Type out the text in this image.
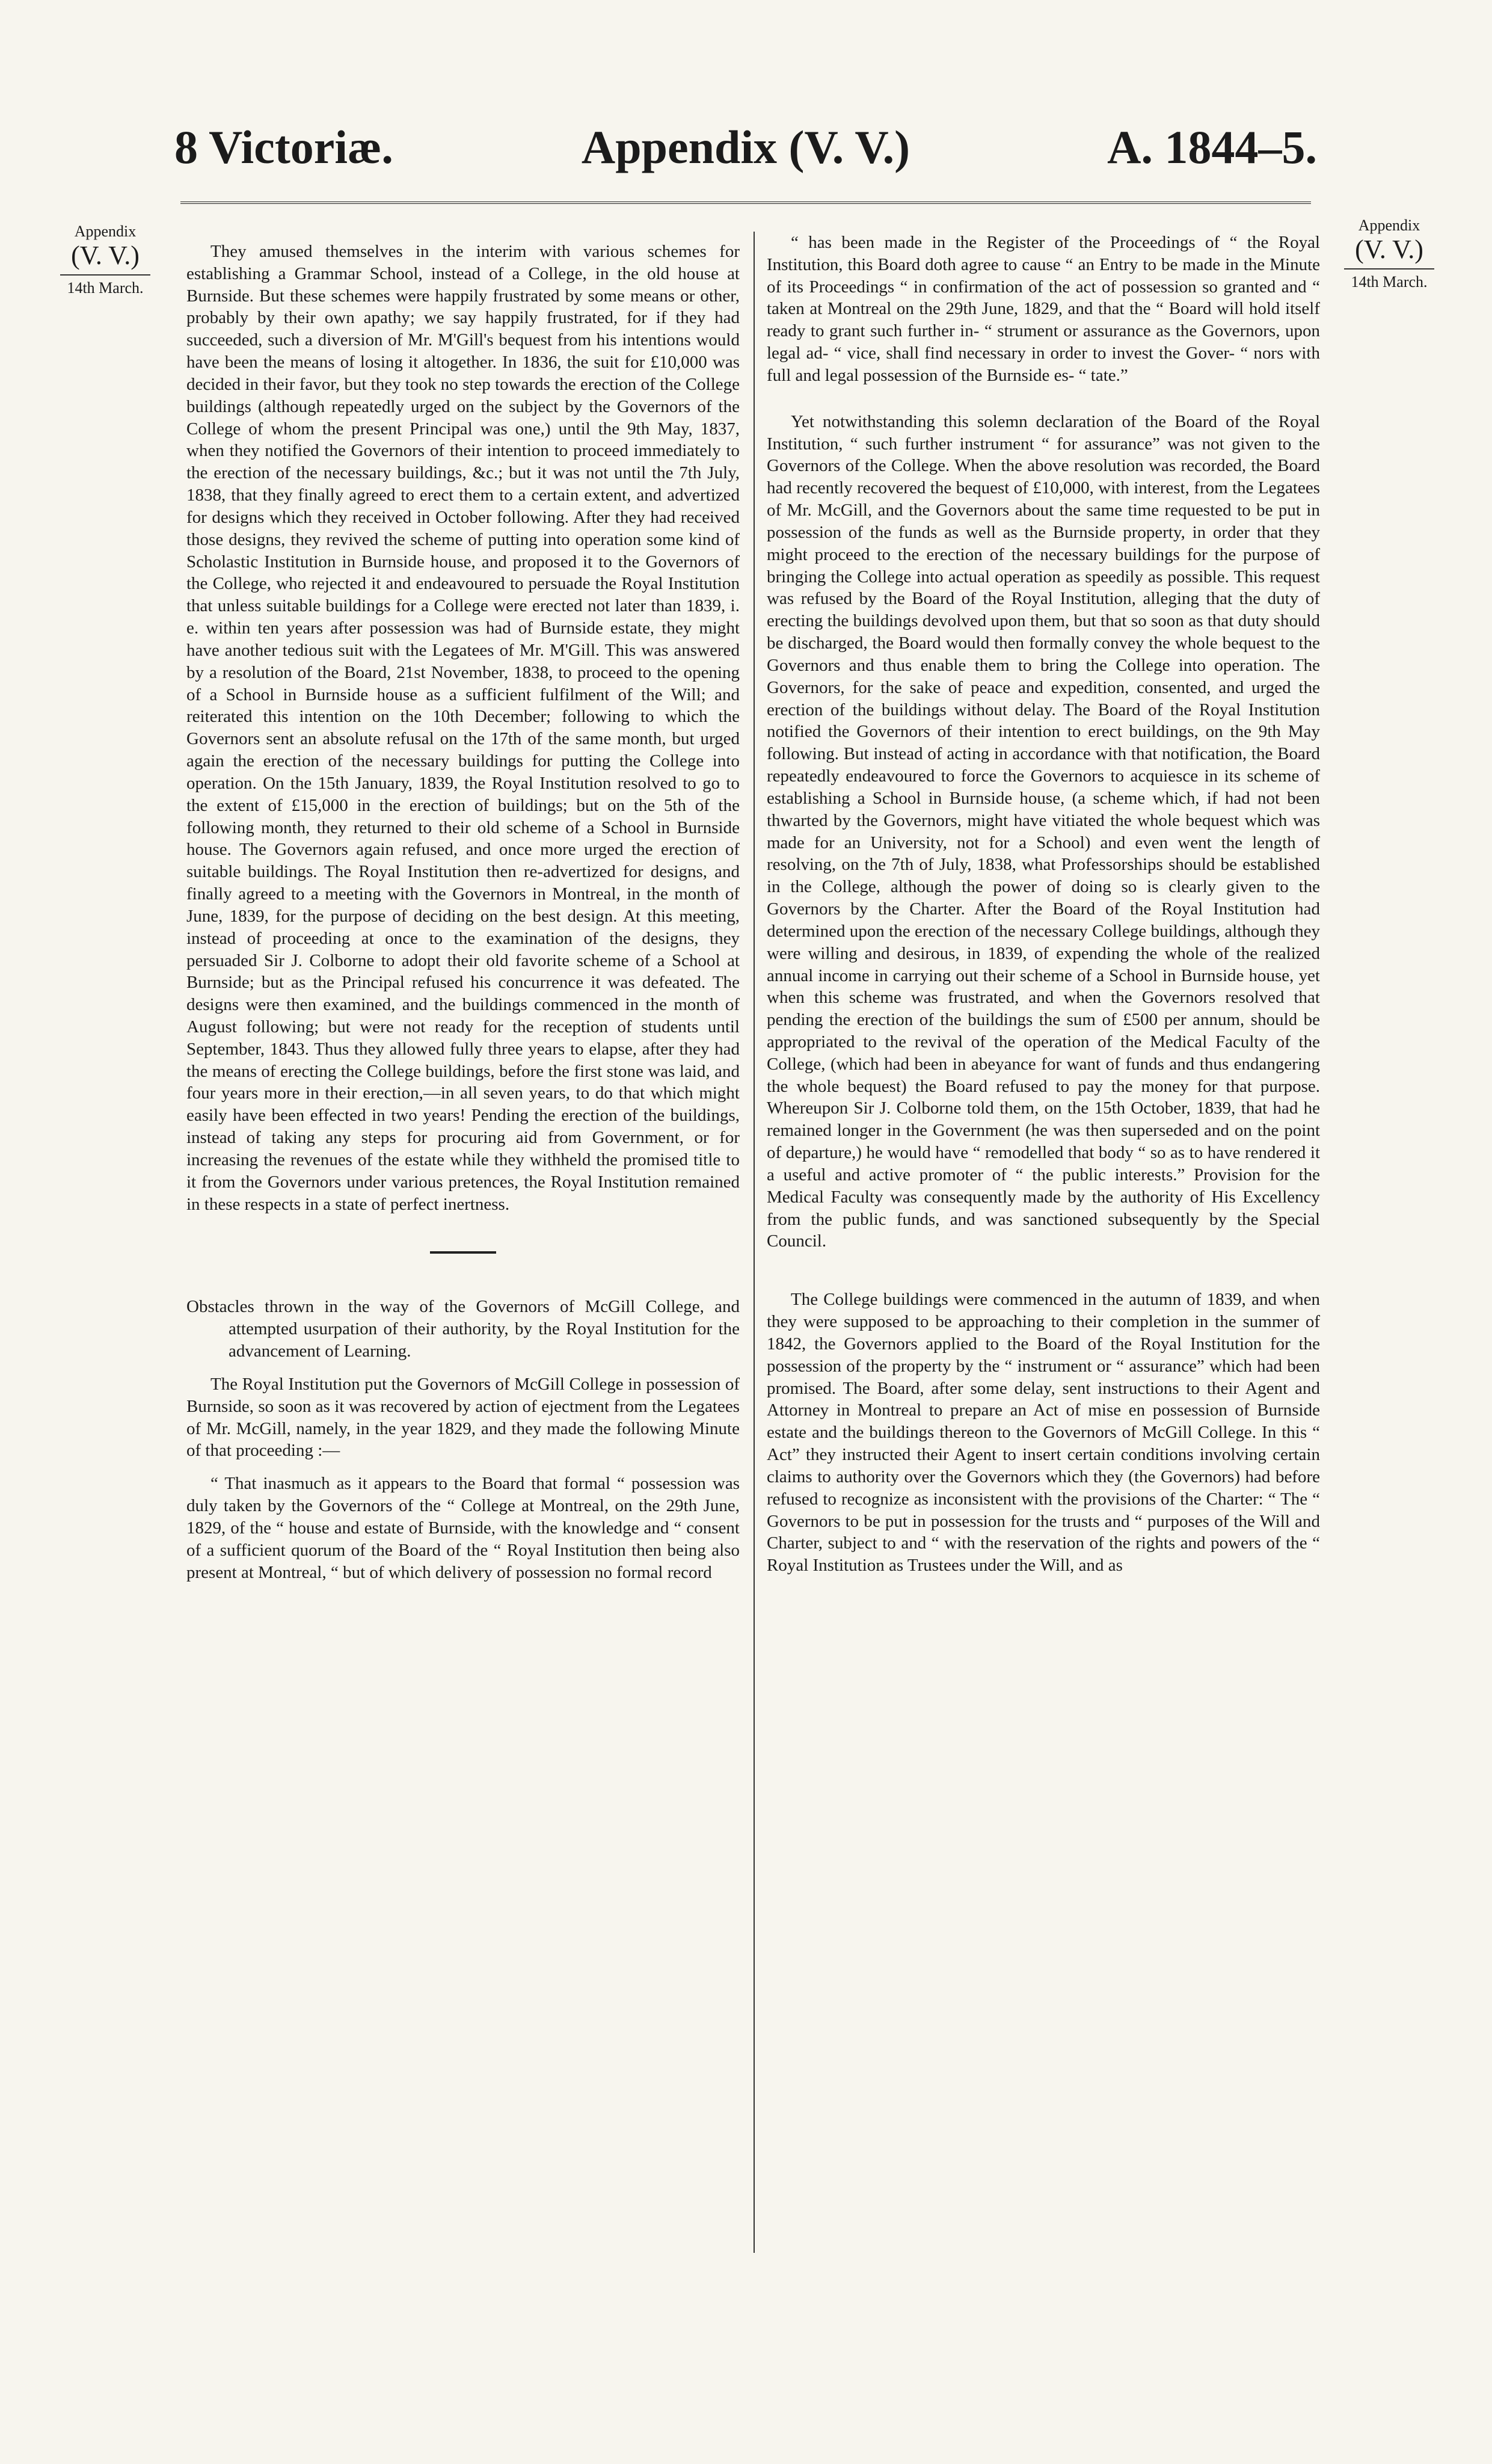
8 Victoriæ.	Appendix (V. V.)	A. 1844–5.
Appendix
(V. V.)
14th March.
Appendix
(V. V.)
14th March.

They amused themselves in the interim with various schemes for establishing a Grammar School, instead of a College, in the old house at Burnside. But these schemes were happily frustrated by some means or other, probably by their own apathy; we say happily frustrated, for if they had succeeded, such a diversion of Mr. M'Gill's bequest from his intentions would have been the means of losing it altogether. In 1836, the suit for £10,000 was decided in their favor, but they took no step towards the erection of the College buildings (although repeatedly urged on the subject by the Governors of the College of whom the present Principal was one,) until the 9th May, 1837, when they notified the Governors of their intention to proceed immediately to the erection of the necessary buildings, &c.; but it was not until the 7th July, 1838, that they finally agreed to erect them to a certain extent, and advertized for designs which they received in October following. After they had received those designs, they revived the scheme of putting into operation some kind of Scholastic Institution in Burnside house, and proposed it to the Governors of the College, who rejected it and endeavoured to persuade the Royal Institution that unless suitable buildings for a College were erected not later than 1839, i. e. within ten years after possession was had of Burnside estate, they might have another tedious suit with the Legatees of Mr. M'Gill. This was answered by a resolution of the Board, 21st November, 1838, to proceed to the opening of a School in Burnside house as a sufficient fulfilment of the Will; and reiterated this intention on the 10th December; following to which the Governors sent an absolute refusal on the 17th of the same month, but urged again the erection of the necessary buildings for putting the College into operation. On the 15th January, 1839, the Royal Institution resolved to go to the extent of £15,000 in the erection of buildings; but on the 5th of the following month, they returned to their old scheme of a School in Burnside house. The Governors again refused, and once more urged the erection of suitable buildings. The Royal Institution then re-advertized for designs, and finally agreed to a meeting with the Governors in Montreal, in the month of June, 1839, for the purpose of deciding on the best design. At this meeting, instead of proceeding at once to the examination of the designs, they persuaded Sir J. Colborne to adopt their old favorite scheme of a School at Burnside; but as the Principal refused his concurrence it was defeated. The designs were then examined, and the buildings commenced in the month of August following; but were not ready for the reception of students until September, 1843. Thus they allowed fully three years to elapse, after they had the means of erecting the College buildings, before the first stone was laid, and four years more in their erection,—in all seven years, to do that which might easily have been effected in two years! Pending the erection of the buildings, instead of taking any steps for procuring aid from Government, or for increasing the revenues of the estate while they withheld the promised title to it from the Governors under various pretences, the Royal Institution remained in these respects in a state of perfect inertness.

Obstacles thrown in the way of the Governors of McGill College, and attempted usurpation of their authority, by the Royal Institution for the advancement of Learning.

The Royal Institution put the Governors of McGill College in possession of Burnside, so soon as it was recovered by action of ejectment from the Legatees of Mr. McGill, namely, in the year 1829, and they made the following Minute of that proceeding :—

“ That inasmuch as it appears to the Board that formal “ possession was duly taken by the Governors of the “ College at Montreal, on the 29th June, 1829, of the “ house and estate of Burnside, with the knowledge and “ consent of a sufficient quorum of the Board of the “ Royal Institution then being also present at Montreal, “ but of which delivery of possession no formal record

“ has been made in the Register of the Proceedings of “ the Royal Institution, this Board doth agree to cause “ an Entry to be made in the Minute of its Proceedings “ in confirmation of the act of possession so granted and “ taken at Montreal on the 29th June, 1829, and that the “ Board will hold itself ready to grant such further in- “ strument or assurance as the Governors, upon legal ad- “ vice, shall find necessary in order to invest the Gover- “ nors with full and legal possession of the Burnside es- “ tate.”

Yet notwithstanding this solemn declaration of the Board of the Royal Institution, “ such further instrument “ for assurance” was not given to the Governors of the College. When the above resolution was recorded, the Board had recently recovered the bequest of £10,000, with interest, from the Legatees of Mr. McGill, and the Governors about the same time requested to be put in possession of the funds as well as the Burnside property, in order that they might proceed to the erection of the necessary buildings for the purpose of bringing the College into actual operation as speedily as possible. This request was refused by the Board of the Royal Institution, alleging that the duty of erecting the buildings devolved upon them, but that so soon as that duty should be discharged, the Board would then formally convey the whole bequest to the Governors and thus enable them to bring the College into operation. The Governors, for the sake of peace and expedition, consented, and urged the erection of the buildings without delay. The Board of the Royal Institution notified the Governors of their intention to erect buildings, on the 9th May following. But instead of acting in accordance with that notification, the Board repeatedly endeavoured to force the Governors to acquiesce in its scheme of establishing a School in Burnside house, (a scheme which, if had not been thwarted by the Governors, might have vitiated the whole bequest which was made for an University, not for a School) and even went the length of resolving, on the 7th of July, 1838, what Professorships should be established in the College, although the power of doing so is clearly given to the Governors by the Charter. After the Board of the Royal Institution had determined upon the erection of the necessary College buildings, although they were willing and desirous, in 1839, of expending the whole of the realized annual income in carrying out their scheme of a School in Burnside house, yet when this scheme was frustrated, and when the Governors resolved that pending the erection of the buildings the sum of £500 per annum, should be appropriated to the revival of the operation of the Medical Faculty of the College, (which had been in abeyance for want of funds and thus endangering the whole bequest) the Board refused to pay the money for that purpose. Whereupon Sir J. Colborne told them, on the 15th October, 1839, that had he remained longer in the Government (he was then superseded and on the point of departure,) he would have “ remodelled that body “ so as to have rendered it a useful and active promoter of “ the public interests.” Provision for the Medical Faculty was consequently made by the authority of His Excellency from the public funds, and was sanctioned subsequently by the Special Council.

The College buildings were commenced in the autumn of 1839, and when they were supposed to be approaching to their completion in the summer of 1842, the Governors applied to the Board of the Royal Institution for the possession of the property by the “ instrument or “ assurance” which had been promised. The Board, after some delay, sent instructions to their Agent and Attorney in Montreal to prepare an Act of mise en possession of Burnside estate and the buildings thereon to the Governors of McGill College. In this “ Act” they instructed their Agent to insert certain conditions involving certain claims to authority over the Governors which they (the Governors) had before refused to recognize as inconsistent with the provisions of the Charter: “ The “ Governors to be put in possession for the trusts and “ purposes of the Will and Charter, subject to and “ with the reservation of the rights and powers of the “ Royal Institution as Trustees under the Will, and as
